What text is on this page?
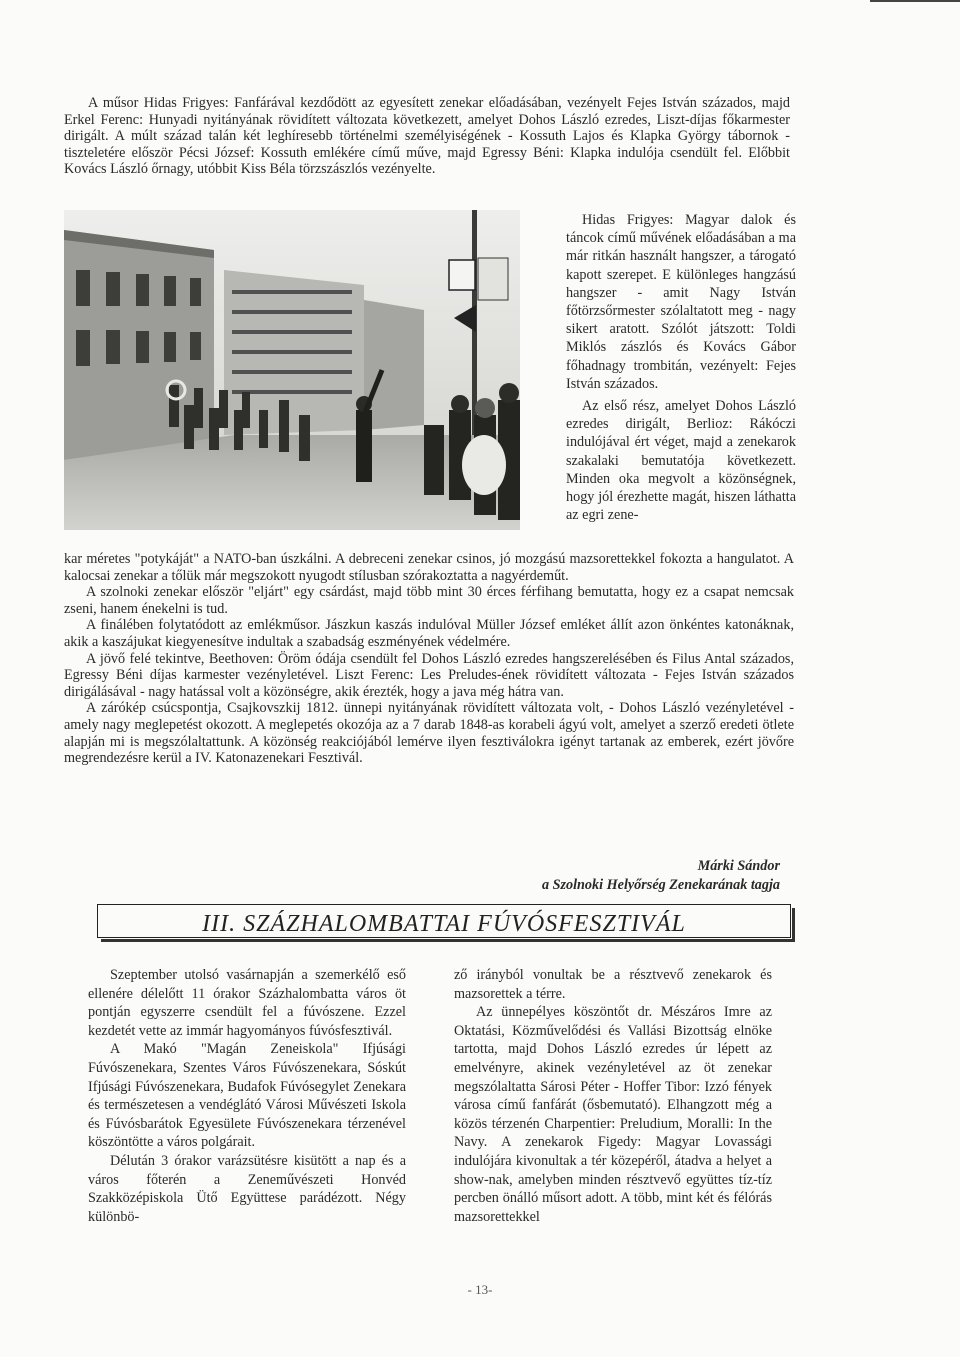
A műsor Hidas Frigyes: Fanfárával kezdődött az egyesített zenekar előadásában, vezényelt Fejes István százados, majd Erkel Ferenc: Hunyadi nyitányának rövidített változata következett, amelyet Dohos László ezredes, Liszt-díjas főkarmester dirigált. A múlt század talán két leghíresebb történelmi személyiségének - Kossuth Lajos és Klapka György tábornok - tiszteletére először Pécsi József: Kossuth emlékére című műve, majd Egressy Béni: Klapka indulója csendült fel. Előbbit Kovács László őrnagy, utóbbit Kiss Béla törzszászlós vezényelte.

Hidas Frigyes: Magyar dalok és táncok című művének előadásában a ma már ritkán használt hangszer, a tárogató kapott szerepet. E különleges hangzású hangszer - amit Nagy István főtörzsőrmester szólaltatott meg - nagy sikert aratott. Szólót játszott: Toldi Miklós zászlós és Kovács Gábor főhadnagy trombitán, vezényelt: Fejes István százados.

Az első rész, amelyet Dohos László ezredes dirigált, Berlioz: Rákóczi indulójával ért véget, majd a zenekarok szakalaki bemutatója következett. Minden oka megvolt a közönségnek, hogy jól érezhette magát, hiszen láthatta az egri zene-

kar méretes "potykáját" a NATO-ban úszkálni. A debreceni zenekar csinos, jó mozgású mazsorettekkel fokozta a hangulatot. A kalocsai zenekar a tőlük már megszokott nyugodt stílusban szórakoztatta a nagyérdeműt.

A szolnoki zenekar először "eljárt" egy csárdást, majd több mint 30 érces férfihang bemutatta, hogy ez a csapat nemcsak zseni, hanem énekelni is tud.

A finálében folytatódott az emlékműsor. Jászkun kaszás indulóval Müller József emléket állít azon önkéntes katonáknak, akik a kaszájukat kiegyenesítve indultak a szabadság eszményének védelmére.

A jövő felé tekintve, Beethoven: Öröm ódája csendült fel Dohos László ezredes hangszerelésében és Filus Antal százados, Egressy Béni díjas karmester vezényletével. Liszt Ferenc: Les Preludes-ének rövidített változata - Fejes István százados dirigálásával - nagy hatással volt a közönségre, akik érezték, hogy a java még hátra van.

A zárókép csúcspontja, Csajkovszkij 1812. ünnepi nyitányának rövidített változata volt, - Dohos László vezényletével - amely nagy meglepetést okozott. A meglepetés okozója az a 7 darab 1848-as korabeli ágyú volt, amelyet a szerző eredeti ötlete alapján mi is megszólaltattunk. A közönség reakciójából lemérve ilyen fesztiválokra igényt tartanak az emberek, ezért jövőre megrendezésre kerül a IV. Katonazenekari Fesztivál.

Márki Sándor
a Szolnoki Helyőrség Zenekarának tagja
III. SZÁZHALOMBATTAI FÚVÓSFESZTIVÁL

Szeptember utolsó vasárnapján a szemerkélő eső ellenére délelőtt 11 órakor Százhalombatta város öt pontján egyszerre csendült fel a fúvószene. Ezzel kezdetét vette az immár hagyományos fúvósfesztivál.

A Makó "Magán Zeneiskola" Ifjúsági Fúvószenekara, Szentes Város Fúvószenekara, Sóskút Ifjúsági Fúvószenekara, Budafok Fúvósegylet Zenekara és természetesen a vendéglátó Városi Művészeti Iskola és Fúvósbarátok Egyesülete Fúvószenekara térzenével köszöntötte a város polgárait.

Délután 3 órakor varázsütésre kisütött a nap és a város főterén a Zeneművészeti Honvéd Szakközépiskola Ütő Együttese parádézott. Négy különbö-

ző irányból vonultak be a résztvevő zenekarok és mazsorettek a térre.

Az ünnepélyes köszöntőt dr. Mészáros Imre az Oktatási, Közművelődési és Vallási Bizottság elnöke tartotta, majd Dohos László ezredes úr lépett az emelvényre, akinek vezényletével az öt zenekar megszólaltatta Sárosi Péter - Hoffer Tibor: Izzó fények városa című fanfárát (ősbemutató). Elhangzott még a közös térzenén Charpentier: Preludium, Moralli: In the Navy. A zenekarok Figedy: Magyar Lovassági indulójára kivonultak a tér közepéről, átadva a helyet a show-nak, amelyben minden résztvevő együttes tíz-tíz percben önálló műsort adott. A több, mint két és félórás mazsorettekkel

- 13-
